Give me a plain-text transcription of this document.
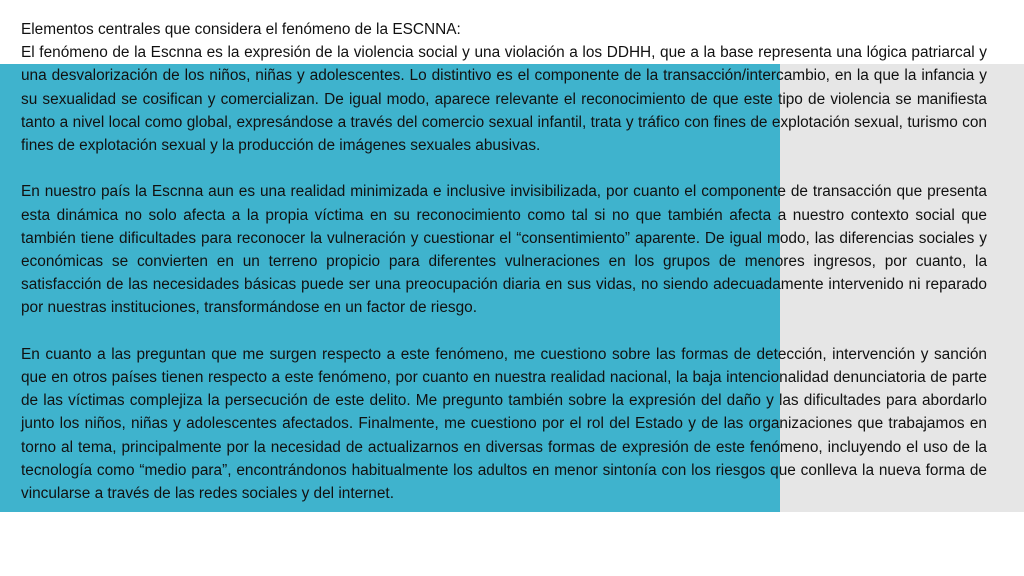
Elementos centrales que considera el fenómeno de la ESCNNA:

El fenómeno de la Escnna es la expresión de la violencia social y una violación a los DDHH, que a la base representa una lógica patriarcal y una desvalorización de los niños, niñas y adolescentes. Lo distintivo es el componente de la transacción/intercambio, en la que la infancia y su sexualidad se cosifican y comercializan. De igual modo, aparece relevante el reconocimiento de que este tipo de violencia se manifiesta tanto a nivel local como global, expresándose a través del comercio sexual infantil, trata y tráfico con fines de explotación sexual, turismo con fines de explotación sexual y la producción de imágenes sexuales abusivas.

En nuestro país la Escnna aun es una realidad minimizada e inclusive invisibilizada, por cuanto el componente de transacción que presenta esta dinámica no solo afecta a la propia víctima en su reconocimiento como tal si no que también afecta a nuestro contexto social que también tiene dificultades para reconocer la vulneración y cuestionar el “consentimiento” aparente. De igual modo, las diferencias sociales y económicas se convierten en un terreno propicio para diferentes vulneraciones en los grupos de menores ingresos, por cuanto, la satisfacción de las necesidades básicas puede ser una preocupación diaria en sus vidas, no siendo adecuadamente intervenido ni reparado por nuestras instituciones, transformándose en un factor de riesgo.

En cuanto a las preguntan que me surgen respecto a este fenómeno, me cuestiono sobre las formas de detección, intervención y sanción que en otros países tienen respecto a este fenómeno, por cuanto en nuestra realidad nacional, la baja intencionalidad denunciatoria de parte de las víctimas complejiza la persecución de este delito. Me pregunto también sobre la expresión del daño y las dificultades para abordarlo junto los niños, niñas y adolescentes afectados. Finalmente, me cuestiono por el rol del Estado y de las organizaciones que trabajamos en torno al tema, principalmente por la necesidad de actualizarnos en diversas formas de expresión de este fenómeno, incluyendo el uso de la tecnología como “medio para”, encontrándonos habitualmente los adultos en menor sintonía con los riesgos que conlleva la nueva forma de vincularse a través de las redes sociales y del internet.
